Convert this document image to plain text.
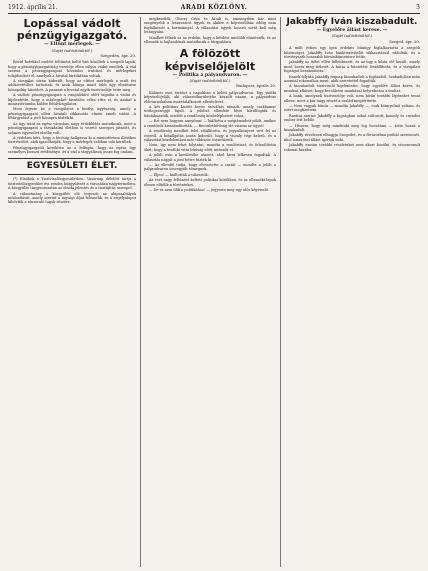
1912. április 21.	ARADI KÖZLÖNY.	3
Lopással vádolt
pénzügyigazgató.
— Eltűnt mérlegek. —
(Saját tudósítónktól.)
Szegeden, ápr. 20.

Rövid hetekkel ezelőtt feltűnést keltő hírt közöltek a szegedi lapok, hogy a pénzügyigazgatóság vezetője ellen súlyos vádat emeltek. A vád szerint a pénzügyigazgató hivatalos iratokat és mérlegeket tulajdonított el, amelyek a hivatal birtokában voltak.

A vizsgálat során kiderült, hogy az eltűnt mérlegek a mult évi adókivetéshez tartoztak, és azok hiánya miatt több ügy elintézése hónapokig húzódott. A panaszt a hivatal egyik tisztviselője tette meg.

A vádlott pénzügyigazgató a vizsgálóbíró előtt tagadta a vádat és kijelentette, hogy a mérlegeket hivatalos célra vitte el, és azokat a minisztériumba küldte felülvizsgálatra.

Most fejezte be a vizsgálatot a királyi ügyészség, amely a pénzügyigazgató ellen hivatali sikkasztás címén emelt vádat. A főtárgyalást a jövő hónapra tűzték ki.

Az ügy iránt az egész városban nagy érdeklődés mutatkozik, mert a pénzügyigazgató a társadalmi életben is vezető szerepet játszott, és számos egyesület elnöke volt.

A védelem kéri, hogy a bíróság hallgassa ki a minisztérium illetékes tisztviselőit, akik igazolhatják, hogy a mérlegek valóban oda kerültek.

Pénzügyigazgatói körökben az a felfogás, hogy az egész ügy személyes bosszú eredménye, és a vád a tárgyaláson össze fog omlani.

EGYESÜLETI ÉLET.

(*) Elnökök a Tisztviselőegyesületben. Vasárnap délelőtt tartja a tisztviselőegyesület évi rendes közgyűlését a városháza nagytermében. A közgyűlés tárgysorozatán az elnöki jelentés és a tisztújítás szerepel.

A választmány a közgyűlés elé terjeszti az alapszabályok módosítását, amely szerint a tagsági díjat felemelik, és a segélyalapot kibővítik a rászoruló tagok részére.

megkezdték, Ghiczy Géza és Aradi is, amennyiben bár mint szegényebb a leszavazott ügyek és akikre a képviselőház eddig nem foglalkozott a kormánnyal. A választási ügyek hosszú sorát kell még letárgyalni.

Mindkét félnek az az érdeke, hogy a kérdést mielőbb elintézzék, és az ellenzék is hajlandónak mutatkozik a tárgyalásra.

A fölözött
képviselőjelölt
— Politika a pályaudvaron. —
(Saját tudósítónktól.)
Budapest, április 20.

Különös eset történt a napokban a keleti pályaudvaron. Egy vidéki képviselőjelölt, aki választókerületébe készült utazni, a pályaudvar előcsarnokában összetalálkozott ellenfelével.

A két politikus között heves szóváltás támadt, amely csakhamar tettlegességgé fajult. A jelöltet ellenfele hívei körülfogták és bántalmazták, mielőtt a rendőrség közbeléphetett volna.

— Ezt nem hagyom annyiban! — kiáltotta a megtámadott jelölt, amikor a rendőrök kiszabadították. — Becsületbíróság elé viszem az ügyet!

A rendőrség mindkét felet előállította, és jegyzőkönyvet vett fel az esetről. A kihallgatás során kiderült, hogy a viszály régi keletű, és a választási küzdelemben már többször összetűztek.

Nem, így nem lehet folytatni, mondta a rendőrtiszt, és felszólította őket, hogy a további vitát bíróság előtt intézzék el.

A jelölt este a kerületébe utazott, ahol hívei lelkesen fogadták. A választás napját a jövő hétre tűzték ki.

— Az ellenfél tudja, hogy elvesztette a csatát — mondta a jelölt a pályaudvaron összegyűlt tömegnek.

— Éljen! — kiáltották a választók.

Az eset nagy feltűnést keltett politikai körökben, és az ellenzéki lapok élesen elítélik a történteket.

— De ez nem illik a politikához! — jegyezte meg egy idős képviselő.

Jakabffy Iván kiszabadult.
— Egyelőre állást kerese. —
(Saját tudósítónktól.)
Szeged, ápr. 20.

A múlt évben egy igen érdekes bűnügy foglalkoztatta a szegedi közönséget. Jakabffy Iván banktisztviselőt sikkasztással vádolták, és a törvényszék hosszabb börtönbüntetésre ítélte.

Jakabffy az ítélet ellen fellebbezett, és az ügy a kúria elé került, amely most hozta meg ítéletét. A kúria a büntetést leszállította, és a vizsgálati fogságot beszámította.

Ennek folytán Jakabffy tegnap kiszabadult a fogházból. Szabadulása után azonnal rokonaihoz ment, akik szeretettel fogadták.

A kiszabadult tisztviselő kijelentette, hogy egyelőre állást keres, és mindent elkövet, hogy becsületes munkával helyrehozza a multat.

A bank, amelynek tisztviselője volt, nem kíván további lépéseket tenni ellene, mert a kár nagy részét a család megtérítette.

— Nem vagyok bűnös — mondta Jakabffy —, csak könnyelmű voltam, és ezért megfizettem.

Barátai szerint Jakabffy a fogságban sokat változott, komoly és csendes ember lett belőle.

— Hiszem, hogy még mindenki meg fog bocsátani — tette hozzá a kiszabadult.

Jakabffy rövidesen elhagyja Szegedet, és a fővárosban próbál szerencsét, ahol ismerősei állást ígértek neki.

Jakabffy ezután további részleteket nem akart közölni, és visszavonult rokonai házába.
